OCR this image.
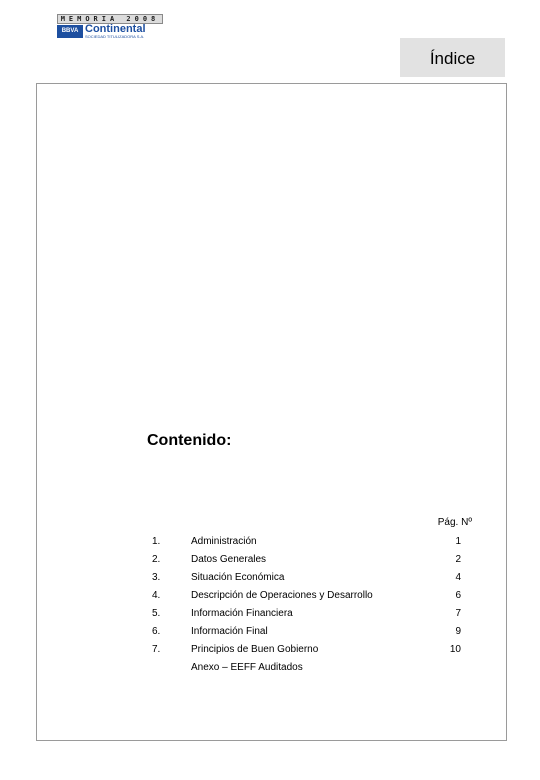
MEMORIA 2008
BBVA Continental
SOCIEDAD TITULIZADORA S.A.
Índice
Contenido:
Pág. Nº
1.	Administración	1
2.	Datos Generales	2
3.	Situación Económica	4
4.	Descripción de Operaciones y Desarrollo	6
5.	Información Financiera	7
6.	Información Final	9
7.	Principios de Buen Gobierno	10
Anexo – EEFF Auditados
